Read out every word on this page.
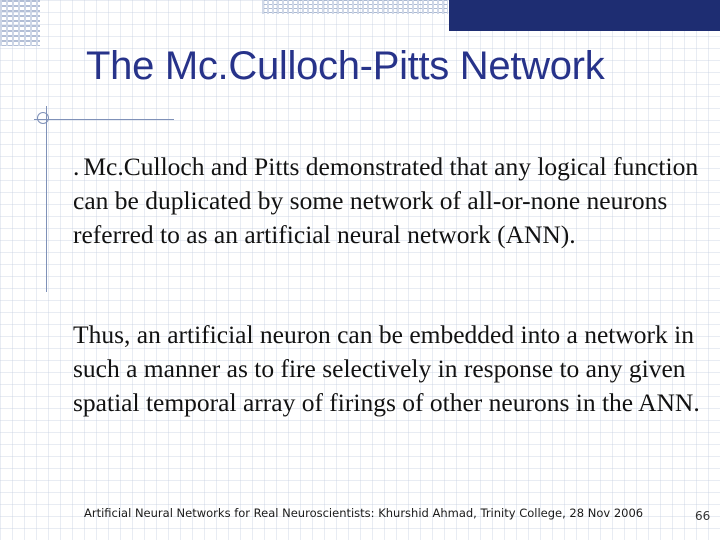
The Mc.Culloch-Pitts Network

. Mc.Culloch and Pitts demonstrated that any logical function can be duplicated by some network of all-or-none neurons referred to as an artificial neural network (ANN).

Thus, an artificial neuron can be embedded into a network in such a manner as to fire selectively in response to any given spatial temporal array of firings of other neurons in the ANN.

Artificial Neural Networks for Real Neuroscientists: Khurshid Ahmad, Trinity College, 28 Nov 2006	66
